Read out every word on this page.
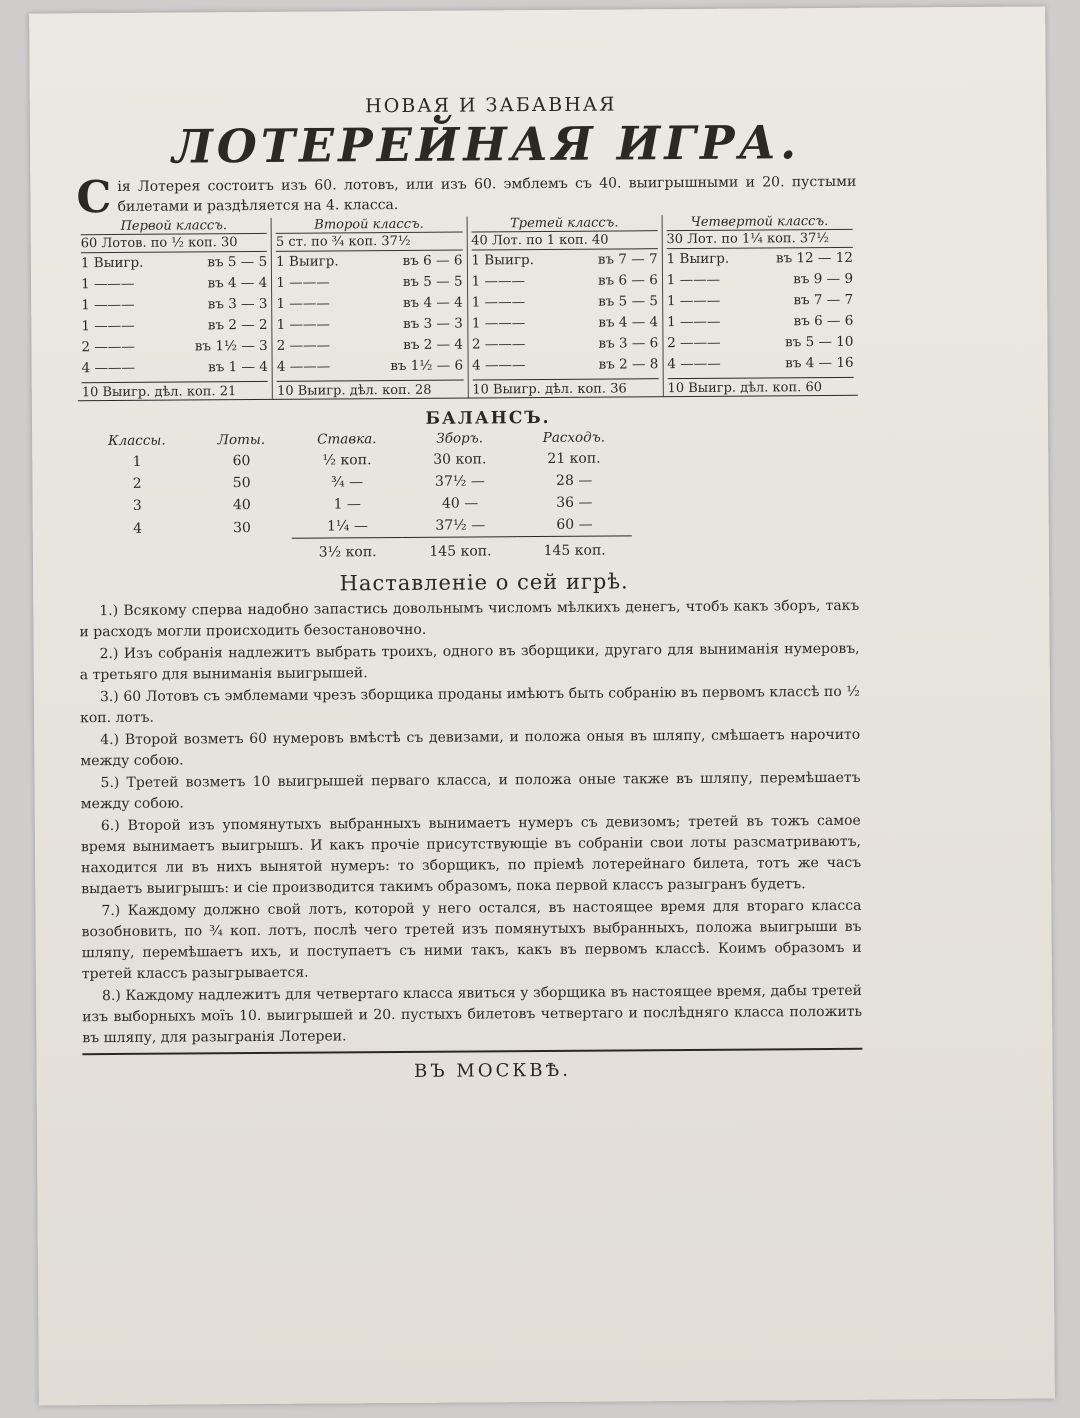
НОВАЯ И ЗАБАВНАЯ
ЛОТЕРЕЙНАЯ ИГРА.
С ія Лотерея состоитъ изъ 60. лотовъ, или изъ 60. эмблемъ съ 40. выигрышными и 20. пустыми билетами и раздѣляется на 4. класса.
Первой классъ.
60 Лотов. по ½ коп. 30
1 Выигр.	въ 5 — 5
1 ———	въ 4 — 4
1 ———	въ 3 — 3
1 ———	въ 2 — 2
2 ———	въ 1½ — 3
4 ———	въ 1 — 4
10 Выигр. дѣл. коп. 21
Второй классъ.
5 ст. по ¾ коп. 37½
1 Выигр.	въ 6 — 6
1 ———	въ 5 — 5
1 ———	въ 4 — 4
1 ———	въ 3 — 3
2 ———	въ 2 — 4
4 ———	въ 1½ — 6
10 Выигр. дѣл. коп. 28
Третей классъ.
40 Лот. по 1 коп. 40
1 Выигр.	въ 7 — 7
1 ———	въ 6 — 6
1 ———	въ 5 — 5
1 ———	въ 4 — 4
2 ———	въ 3 — 6
4 ———	въ 2 — 8
10 Выигр. дѣл. коп. 36
Четвертой классъ.
30 Лот. по 1¼ коп. 37½
1 Выигр.	въ 12 — 12
1 ———	въ 9 — 9
1 ———	въ 7 — 7
1 ———	въ 6 — 6
2 ———	въ 5 — 10
4 ———	въ 4 — 16
10 Выигр. дѣл. коп. 60
БАЛАНСЪ.
Классы.	Лоты.	Ставка.	Зборъ.	Расходъ.
1	60	½ коп.	30 коп.	21 коп.
2	50	¾ —	37½ —	28 —
3	40	1 —	40 —	36 —
4	30	1¼ —	37½ —	60 —
		3½ коп.	145 коп.	145 коп.
Наставленіе о сей игрѣ.

1.) Всякому сперва надобно запастись довольнымъ числомъ мѣлкихъ денегъ, чтобъ какъ зборъ, такъ и расходъ могли происходить безостановочно.

2.) Изъ собранія надлежитъ выбрать троихъ, одного въ зборщики, другаго для выниманія нумеровъ, а третьяго для выниманія выигрышей.

3.) 60 Лотовъ съ эмблемами чрезъ зборщика проданы имѣютъ быть собранію въ первомъ классѣ по ½ коп. лотъ.

4.) Второй возметъ 60 нумеровъ вмѣстѣ съ девизами, и положа оныя въ шляпу, смѣшаетъ нарочито между собою.

5.) Третей возметъ 10 выигрышей перваго класса, и положа оные также въ шляпу, перемѣшаетъ между собою.

6.) Второй изъ упомянутыхъ выбранныхъ вынимаетъ нумеръ съ девизомъ; третей въ тожъ самое время вынимаетъ выигрышъ. И какъ прочіе присутствующіе въ собраніи свои лоты разсматриваютъ, находится ли въ нихъ вынятой нумеръ: то зборщикъ, по пріемѣ лотерейнаго билета, тотъ же часъ выдаетъ выигрышъ: и сіе производится такимъ образомъ, пока первой классъ разыгранъ будетъ.

7.) Каждому должно свой лотъ, которой у него остался, въ настоящее время для втораго класса возобновить, по ¾ коп. лотъ, послѣ чего третей изъ помянутыхъ выбранныхъ, положа выигрыши въ шляпу, перемѣшаетъ ихъ, и поступаетъ съ ними такъ, какъ въ первомъ классѣ. Коимъ образомъ и третей классъ разыгрывается.

8.) Каждому надлежитъ для четвертаго класса явиться у зборщика въ настоящее время, дабы третей изъ выборныхъ моїъ 10. выигрышей и 20. пустыхъ билетовъ четвертаго и послѣдняго класса положить въ шляпу, для разыгранія Лотереи.

ВЪ МОСКВѢ.
